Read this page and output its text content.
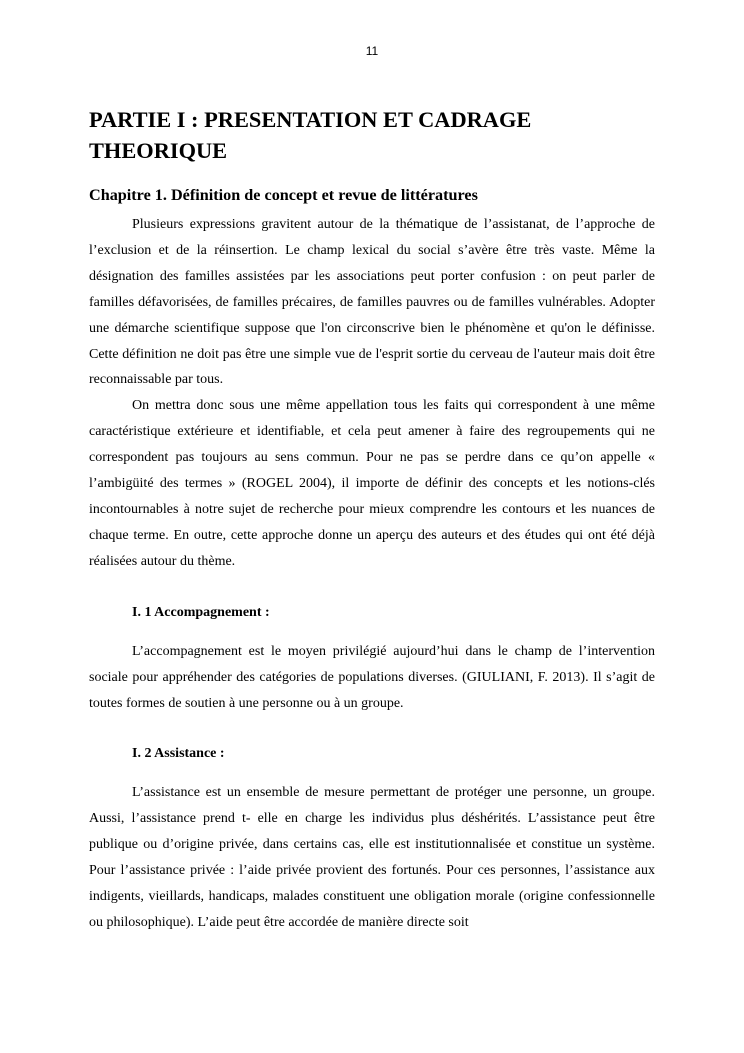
11
PARTIE I : PRESENTATION ET CADRAGE
THEORIQUE
Chapitre 1. Définition de concept et revue de littératures

Plusieurs expressions gravitent autour de la thématique de l’assistanat, de l’approche de l’exclusion et de la réinsertion. Le champ lexical du social s’avère être très vaste. Même la désignation des familles assistées par les associations peut porter confusion : on peut parler de familles défavorisées, de familles précaires, de familles pauvres ou de familles vulnérables. Adopter une démarche scientifique suppose que l'on circonscrive bien le phénomène et qu'on le définisse. Cette définition ne doit pas être une simple vue de l'esprit sortie du cerveau de l'auteur mais doit être reconnaissable par tous.

On mettra donc sous une même appellation tous les faits qui correspondent à une même caractéristique extérieure et identifiable, et cela peut amener à faire des regroupements qui ne correspondent pas toujours au sens commun. Pour ne pas se perdre dans ce qu’on appelle « l’ambigüité des termes » (ROGEL 2004), il importe de définir des concepts et les notions-clés incontournables à notre sujet de recherche pour mieux comprendre les contours et les nuances de chaque terme. En outre, cette approche donne un aperçu des auteurs et des études qui ont été déjà réalisées autour du thème.

I. 1 Accompagnement :

L’accompagnement est le moyen privilégié aujourd’hui dans le champ de l’intervention sociale pour appréhender des catégories de populations diverses. (GIULIANI, F. 2013). Il s’agit de toutes formes de soutien à une personne ou à un groupe.

I. 2 Assistance :

L’assistance est un ensemble de mesure permettant de protéger une personne, un groupe. Aussi, l’assistance prend t- elle en charge les individus plus déshérités. L’assistance peut être publique ou d’origine privée, dans certains cas, elle est institutionnalisée et constitue un système. Pour l’assistance privée : l’aide privée provient des fortunés. Pour ces personnes, l’assistance aux indigents, vieillards, handicaps, malades constituent une obligation morale (origine confessionnelle ou philosophique). L’aide peut être accordée de manière directe soit
